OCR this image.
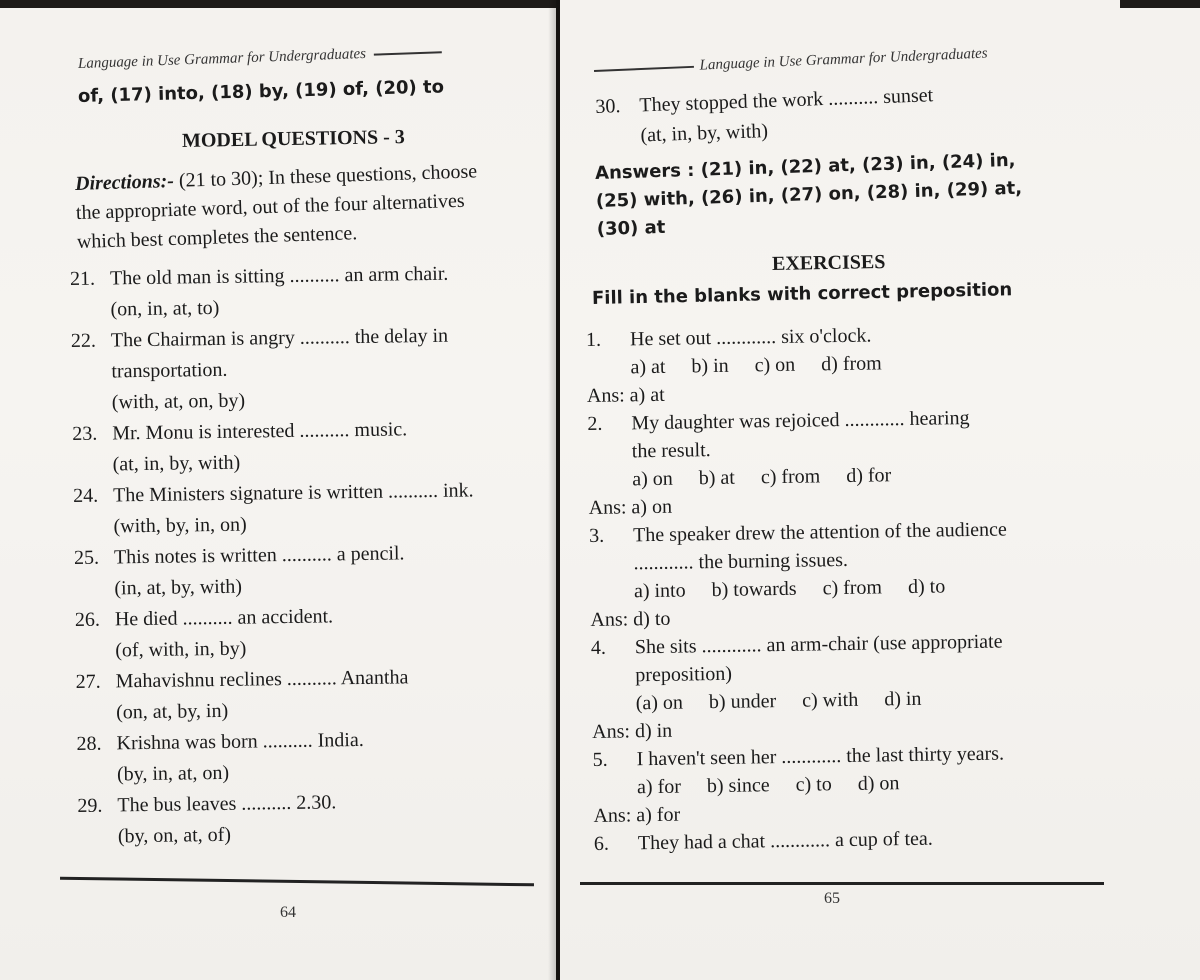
Language in Use Grammar for Undergraduates
of, (17) into, (18) by, (19) of, (20) to
MODEL QUESTIONS - 3
Directions:- (21 to 30); In these questions, choose
the appropriate word, out of the four alternatives
which best completes the sentence.
21. The old man is sitting .......... an arm chair.
(on, in, at, to)
22. The Chairman is angry .......... the delay in
transportation.
(with, at, on, by)
23. Mr. Monu is interested .......... music.
(at, in, by, with)
24. The Ministers signature is written .......... ink.
(with, by, in, on)
25. This notes is written .......... a pencil.
(in, at, by, with)
26. He died .......... an accident.
(of, with, in, by)
27. Mahavishnu reclines .......... Anantha
(on, at, by, in)
28. Krishna was born .......... India.
(by, in, at, on)
29. The bus leaves .......... 2.30.
(by, on, at, of)
64
Language in Use Grammar for Undergraduates
30. They stopped the work .......... sunset
(at, in, by, with)
Answers : (21) in, (22) at, (23) in, (24) in,
(25) with, (26) in, (27) on, (28) in, (29) at,
(30) at
EXERCISES
Fill in the blanks with correct preposition
1. He set out ............ six o'clock.
a) at b) in c) on d) from
Ans: a) at
2. My daughter was rejoiced ............ hearing
the result.
a) on b) at c) from d) for
Ans: a) on
3. The speaker drew the attention of the audience
............ the burning issues.
a) into b) towards c) from d) to
Ans: d) to
4. She sits ............ an arm-chair (use appropriate
preposition)
(a) on b) under c) with d) in
Ans: d) in
5. I haven't seen her ............ the last thirty years.
a) for b) since c) to d) on
Ans: a) for
6. They had a chat ............ a cup of tea.
65
